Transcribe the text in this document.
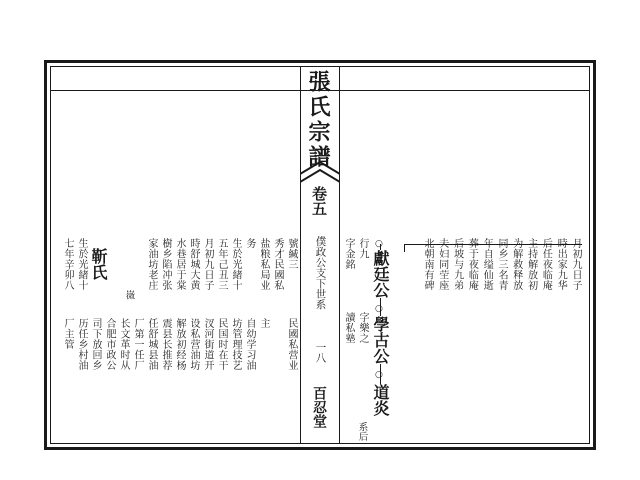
張氏宗譜
卷五
僕政公支下世系
一八
百忍堂
行九
字金銘
字樂之
讀私塾
○
獻廷公
○
學古公
○
道炎
系后
月初九日子
時出家九华
后任夜临庵
主持解放初
为解救释放
同乡三名青
年自缢仙逝
葬于夜临庵
后坡与九弟
夫妇同茔座
北朝南有碑
號緘三
民國私营业
秀才民國私
盐粮私局业
主
务
自幼学习油
坊管理技艺
生於光緒十
民国时在干
五年己丑三
汊河街道开
月初九日子
设私营油坊
時舒城大黄
解放初经杨
水巷居于棠
震县长推荐
樹乡陷冲张
任舒城县油
家油坊老庄
厂第一任厂
长文革时从
合肥市政公
司下放回乡
历任乡村油
厂主管
生於光緒十
七年辛卯八
嶶
靳氏
